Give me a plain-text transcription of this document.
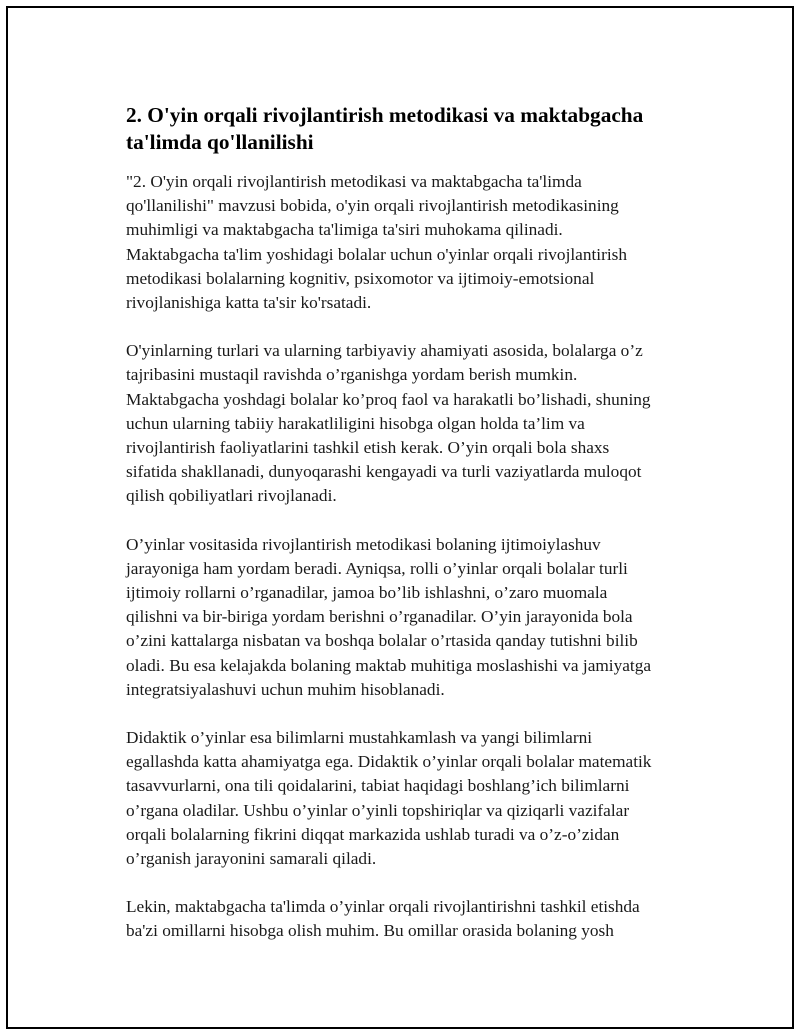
2. O'yin orqali rivojlantirish metodikasi va maktabgacha
ta'limda qo'llanilishi

"2. O'yin orqali rivojlantirish metodikasi va maktabgacha ta'limda
qo'llanilishi" mavzusi bobida, o'yin orqali rivojlantirish metodikasining
muhimligi va maktabgacha ta'limiga ta'siri muhokama qilinadi.
Maktabgacha ta'lim yoshidagi bolalar uchun o'yinlar orqali rivojlantirish
metodikasi bolalarning kognitiv, psixomotor va ijtimoiy-emotsional
rivojlanishiga katta ta'sir ko'rsatadi.

O'yinlarning turlari va ularning tarbiyaviy ahamiyati asosida, bolalarga o’z
tajribasini mustaqil ravishda o’rganishga yordam berish mumkin.
Maktabgacha yoshdagi bolalar ko’proq faol va harakatli bo’lishadi, shuning
uchun ularning tabiiy harakatliligini hisobga olgan holda ta’lim va
rivojlantirish faoliyatlarini tashkil etish kerak. O’yin orqali bola shaxs
sifatida shakllanadi, dunyoqarashi kengayadi va turli vaziyatlarda muloqot
qilish qobiliyatlari rivojlanadi.

O’yinlar vositasida rivojlantirish metodikasi bolaning ijtimoiylashuv
jarayoniga ham yordam beradi. Ayniqsa, rolli o’yinlar orqali bolalar turli
ijtimoiy rollarni o’rganadilar, jamoa bo’lib ishlashni, o’zaro muomala
qilishni va bir-biriga yordam berishni o’rganadilar. O’yin jarayonida bola
o’zini kattalarga nisbatan va boshqa bolalar o’rtasida qanday tutishni bilib
oladi. Bu esa kelajakda bolaning maktab muhitiga moslashishi va jamiyatga
integratsiyalashuvi uchun muhim hisoblanadi.

Didaktik o’yinlar esa bilimlarni mustahkamlash va yangi bilimlarni
egallashda katta ahamiyatga ega. Didaktik o’yinlar orqali bolalar matematik
tasavvurlarni, ona tili qoidalarini, tabiat haqidagi boshlang’ich bilimlarni
o’rgana oladilar. Ushbu o’yinlar o’yinli topshiriqlar va qiziqarli vazifalar
orqali bolalarning fikrini diqqat markazida ushlab turadi va o’z-o’zidan
o’rganish jarayonini samarali qiladi.

Lekin, maktabgacha ta'limda o’yinlar orqali rivojlantirishni tashkil etishda
ba'zi omillarni hisobga olish muhim. Bu omillar orasida bolaning yosh
